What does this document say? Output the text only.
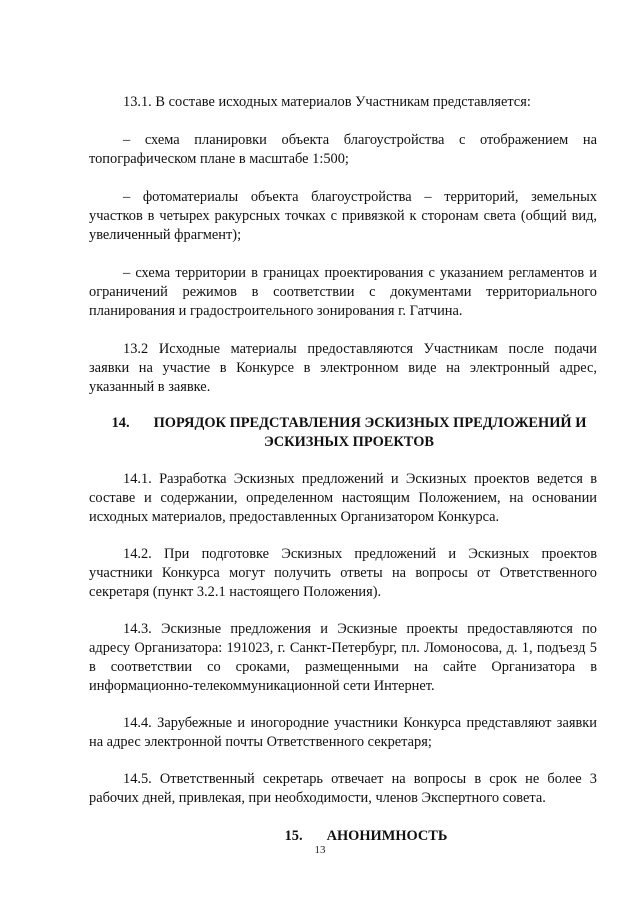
13.1. В составе исходных материалов Участникам представляется:

– схема планировки объекта благоустройства с отображением на топографическом плане в масштабе 1:500;

– фотоматериалы объекта благоустройства – территорий, земельных участков в четырех ракурсных точках с привязкой к сторонам света (общий вид, увеличенный фрагмент);

– схема территории в границах проектирования с указанием регламентов и ограничений режимов в соответствии с документами территориального планирования и градостроительного зонирования г. Гатчина.

13.2 Исходные материалы предоставляются Участникам после подачи заявки на участие в Конкурсе в электронном виде на электронный адрес, указанный в заявке.

14. ПОРЯДОК ПРЕДСТАВЛЕНИЯ ЭСКИЗНЫХ ПРЕДЛОЖЕНИЙ И ЭСКИЗНЫХ ПРОЕКТОВ

14.1. Разработка Эскизных предложений и Эскизных проектов ведется в составе и содержании, определенном настоящим Положением, на основании исходных материалов, предоставленных Организатором Конкурса.

14.2. При подготовке Эскизных предложений и Эскизных проектов участники Конкурса могут получить ответы на вопросы от Ответственного секретаря (пункт 3.2.1 настоящего Положения).

14.3. Эскизные предложения и Эскизные проекты предоставляются по адресу Организатора: 191023, г. Санкт-Петербург, пл. Ломоносова, д. 1, подъезд 5 в соответствии со сроками, размещенными на сайте Организатора в информационно-телекоммуникационной сети Интернет.

14.4. Зарубежные и иногородние участники Конкурса представляют заявки на адрес электронной почты Ответственного секретаря;

14.5. Ответственный секретарь отвечает на вопросы в срок не более 3 рабочих дней, привлекая, при необходимости, членов Экспертного совета.

15. АНОНИМНОСТЬ
13
